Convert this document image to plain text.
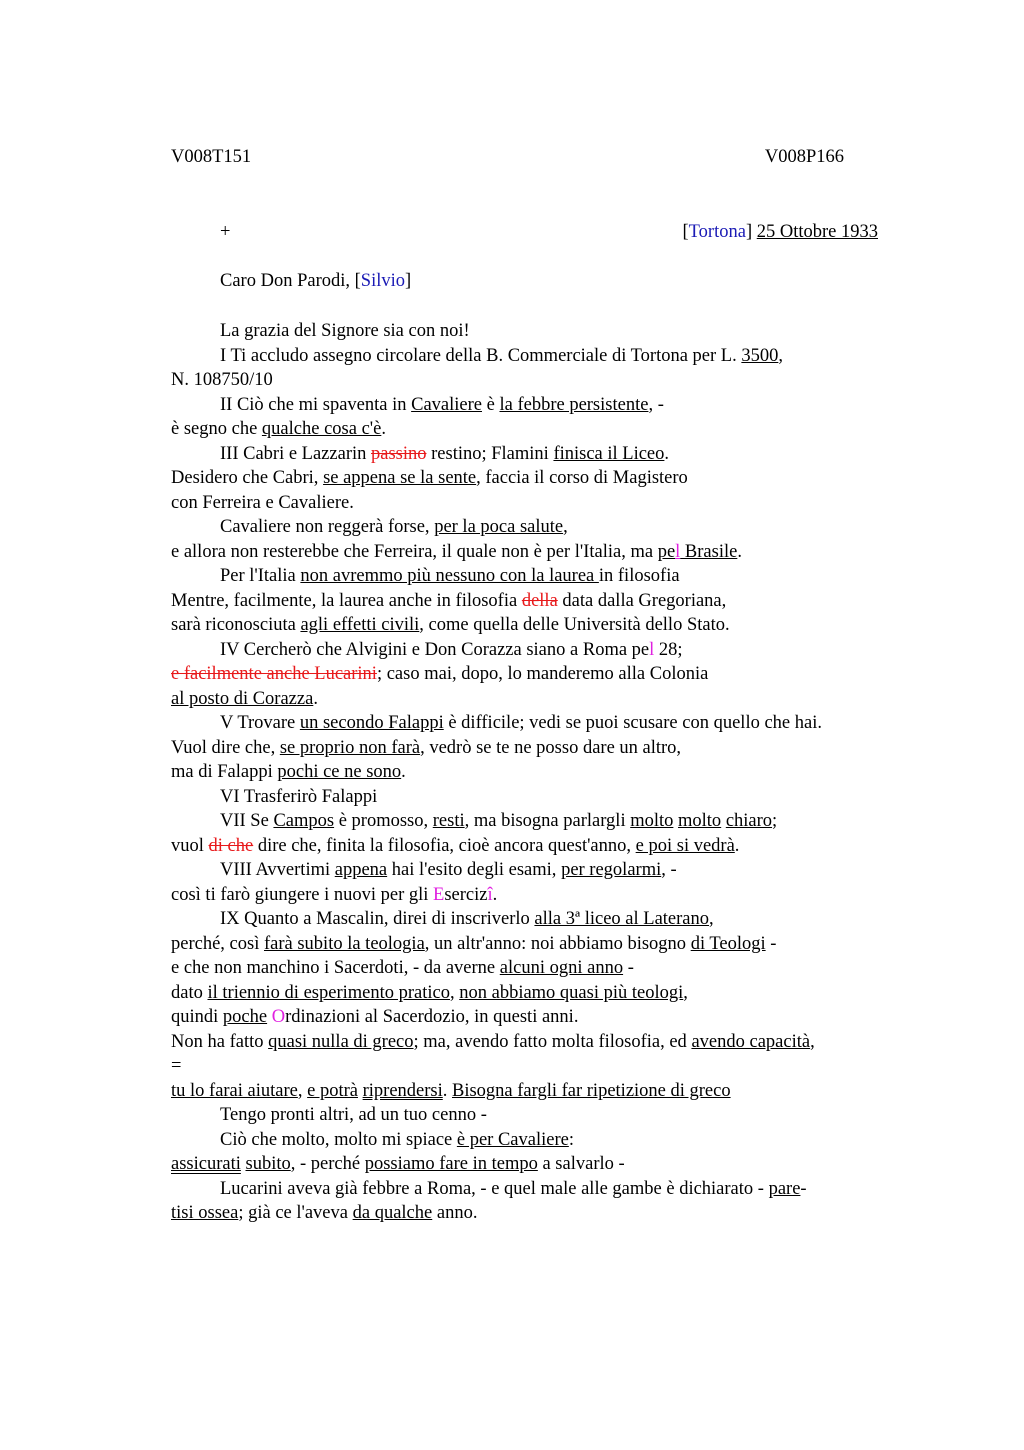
V008T151	V008P166
+	[Tortona] 25 Ottobre 1933
Caro Don Parodi, [Silvio]
La grazia del Signore sia con noi!
I Ti accludo assegno circolare della B. Commerciale di Tortona per L. 3500,
N. 108750/10
II Ciò che mi spaventa in Cavaliere è la febbre persistente, -
è segno che qualche cosa c'è.
III Cabri e Lazzarin passino restino; Flamini finisca il Liceo.
Desidero che Cabri, se appena se la sente, faccia il corso di Magistero
con Ferreira e Cavaliere.
Cavaliere non reggerà forse, per la poca salute,
e allora non resterebbe che Ferreira, il quale non è per l'Italia, ma pel Brasile.
Per l'Italia non avremmo più nessuno con la laurea in filosofia
Mentre, facilmente, la laurea anche in filosofia della data dalla Gregoriana,
sarà riconosciuta agli effetti civili, come quella delle Università dello Stato.
IV Cercherò che Alvigini e Don Corazza siano a Roma pel 28;
e facilmente anche Lucarini; caso mai, dopo, lo manderemo alla Colonia
al posto di Corazza.
V Trovare un secondo Falappi è difficile; vedi se puoi scusare con quello che hai.
Vuol dire che, se proprio non farà, vedrò se te ne posso dare un altro,
ma di Falappi pochi ce ne sono.
VI Trasferirò Falappi
VII Se Campos è promosso, resti, ma bisogna parlargli molto molto chiaro;
vuol di che dire che, finita la filosofia, cioè ancora quest'anno, e poi si vedrà.
VIII Avvertimi appena hai l'esito degli esami, per regolarmi, -
così ti farò giungere i nuovi per gli Esercizî.
IX Quanto a Mascalin, direi di inscriverlo alla 3ª liceo al Laterano,
perché, così farà subito la teologia, un altr'anno: noi abbiamo bisogno di Teologi -
e che non manchino i Sacerdoti, - da averne alcuni ogni anno -
dato il triennio di esperimento pratico, non abbiamo quasi più teologi,
quindi poche Ordinazioni al Sacerdozio, in questi anni.
Non ha fatto quasi nulla di greco; ma, avendo fatto molta filosofia, ed avendo capacità,
=
tu lo farai aiutare, e potrà riprendersi. Bisogna fargli far ripetizione di greco
Tengo pronti altri, ad un tuo cenno -
Ciò che molto, molto mi spiace è per Cavaliere:
assicurati subito, - perché possiamo fare in tempo a salvarlo -
Lucarini aveva già febbre a Roma, - e quel male alle gambe è dichiarato - pare-
tisi ossea; già ce l'aveva da qualche anno.
